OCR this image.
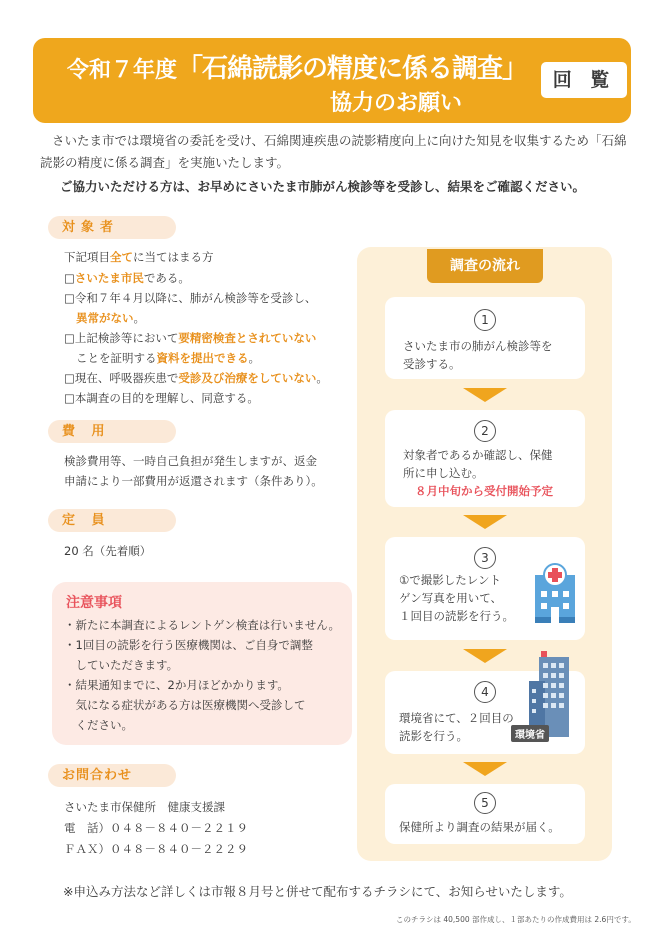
令和７年度「石綿読影の精度に係る調査」
協力のお願い
回 覧
さいたま市では環境省の委託を受け、石綿関連疾患の読影精度向上に向けた知見を収集するため「石綿読影の精度に係る調査」を実施いたします。
ご協力いただける方は、お早めにさいたま市肺がん検診等を受診し、結果をご確認ください。
対象者
下記項目全てに当てはまる方
□さいたま市民である。
□令和７年４月以降に、肺がん検診等を受診し、
異常がない。
□上記検診等において要精密検査とされていない
ことを証明する資料を提出できる。
□現在、呼吸器疾患で受診及び治療をしていない。
□本調査の目的を理解し、同意する。
費 用
検診費用等、一時自己負担が発生しますが、返金
申請により一部費用が返還されます（条件あり）。
定 員
20 名（先着順）
注意事項
・新たに本調査によるレントゲン検査は行いません。
・1回目の読影を行う医療機関は、ご自身で調整
　していただきます。
・結果通知までに、2か月ほどかかります。
　気になる症状がある方は医療機関へ受診して
　ください。
お問合わせ
さいたま市保健所　健康支援課
電　話）０４８－８４０－２２１９
ＦＡＸ）０４８－８４０－２２２９
調査の流れ
1
さいたま市の肺がん検診等を
受診する。
2
対象者であるか確認し、保健
所に申し込む。
８月中旬から受付開始予定
3
①で撮影したレント
ゲン写真を用いて、
１回目の読影を行う。
4
環境省にて、２回目の
読影を行う。	環境省
5
保健所より調査の結果が届く。
※申込み方法など詳しくは市報８月号と併せて配布するチラシにて、お知らせいたします。
このチラシは 40,500 部作成し、１部あたりの作成費用は 2.6円です。
